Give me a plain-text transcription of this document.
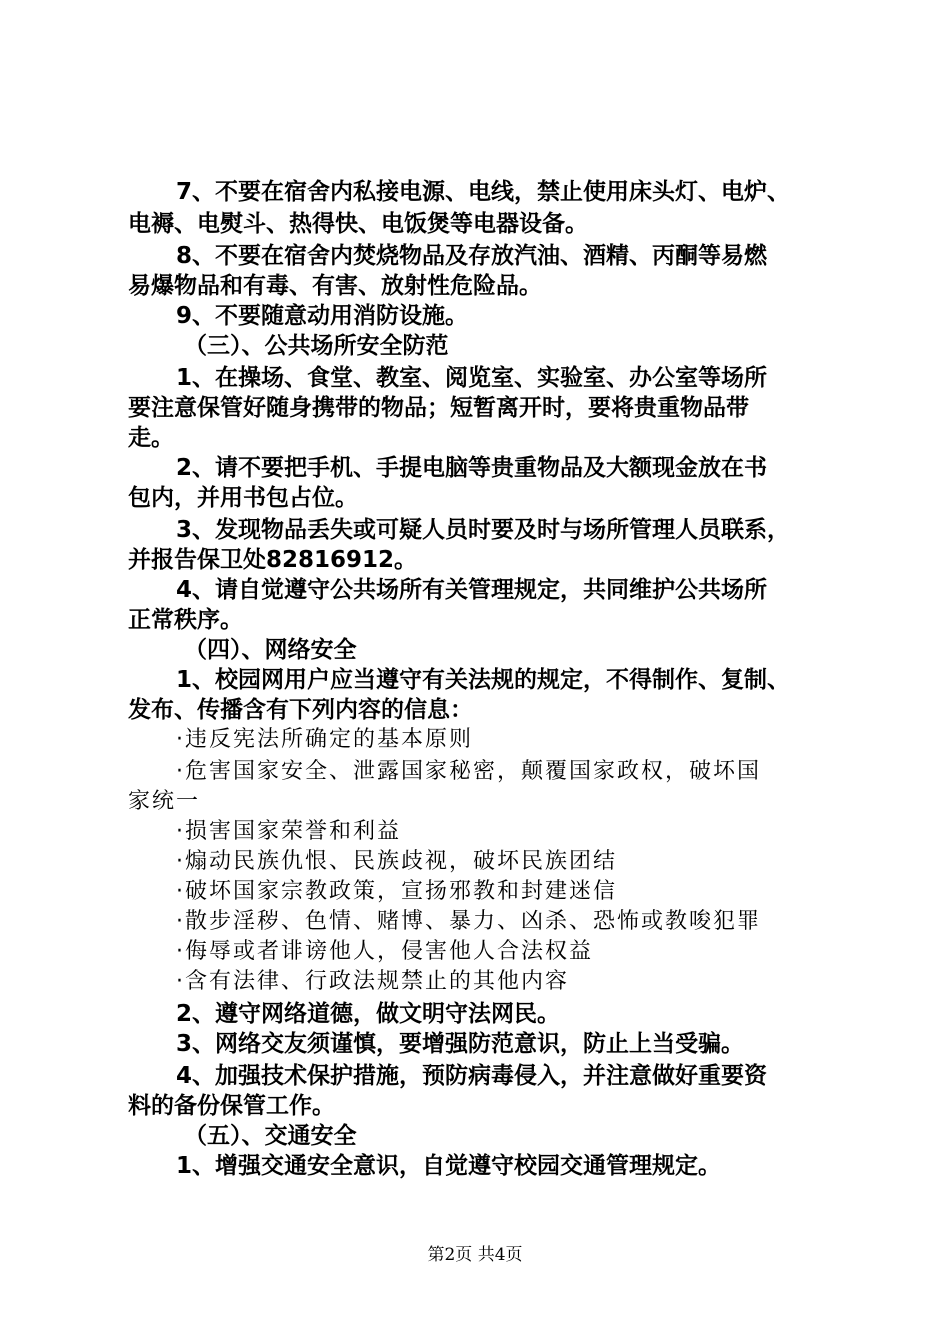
7、不要在宿舍内私接电源、电线，禁止使用床头灯、电炉、
电褥、电熨斗、热得快、电饭煲等电器设备。
8、不要在宿舍内焚烧物品及存放汽油、酒精、丙酮等易燃
易爆物品和有毒、有害、放射性危险品。
9、不要随意动用消防设施。
（三）、公共场所安全防范
1、在操场、食堂、教室、阅览室、实验室、办公室等场所
要注意保管好随身携带的物品；短暂离开时，要将贵重物品带
走。
2、请不要把手机、手提电脑等贵重物品及大额现金放在书
包内，并用书包占位。
3、发现物品丢失或可疑人员时要及时与场所管理人员联系，
并报告保卫处82816912。
4、请自觉遵守公共场所有关管理规定，共同维护公共场所
正常秩序。
（四）、网络安全
1、校园网用户应当遵守有关法规的规定，不得制作、复制、
发布、传播含有下列内容的信息：
·违反宪法所确定的基本原则
·危害国家安全、泄露国家秘密，颠覆国家政权，破坏国
家统一
·损害国家荣誉和利益
·煽动民族仇恨、民族歧视，破坏民族团结
·破坏国家宗教政策，宣扬邪教和封建迷信
·散步淫秽、色情、赌博、暴力、凶杀、恐怖或教唆犯罪
·侮辱或者诽谤他人，侵害他人合法权益
·含有法律、行政法规禁止的其他内容
2、遵守网络道德，做文明守法网民。
3、网络交友须谨慎，要增强防范意识，防止上当受骗。
4、加强技术保护措施，预防病毒侵入，并注意做好重要资
料的备份保管工作。
（五）、交通安全
1、增强交通安全意识，自觉遵守校园交通管理规定。
第2页 共4页
